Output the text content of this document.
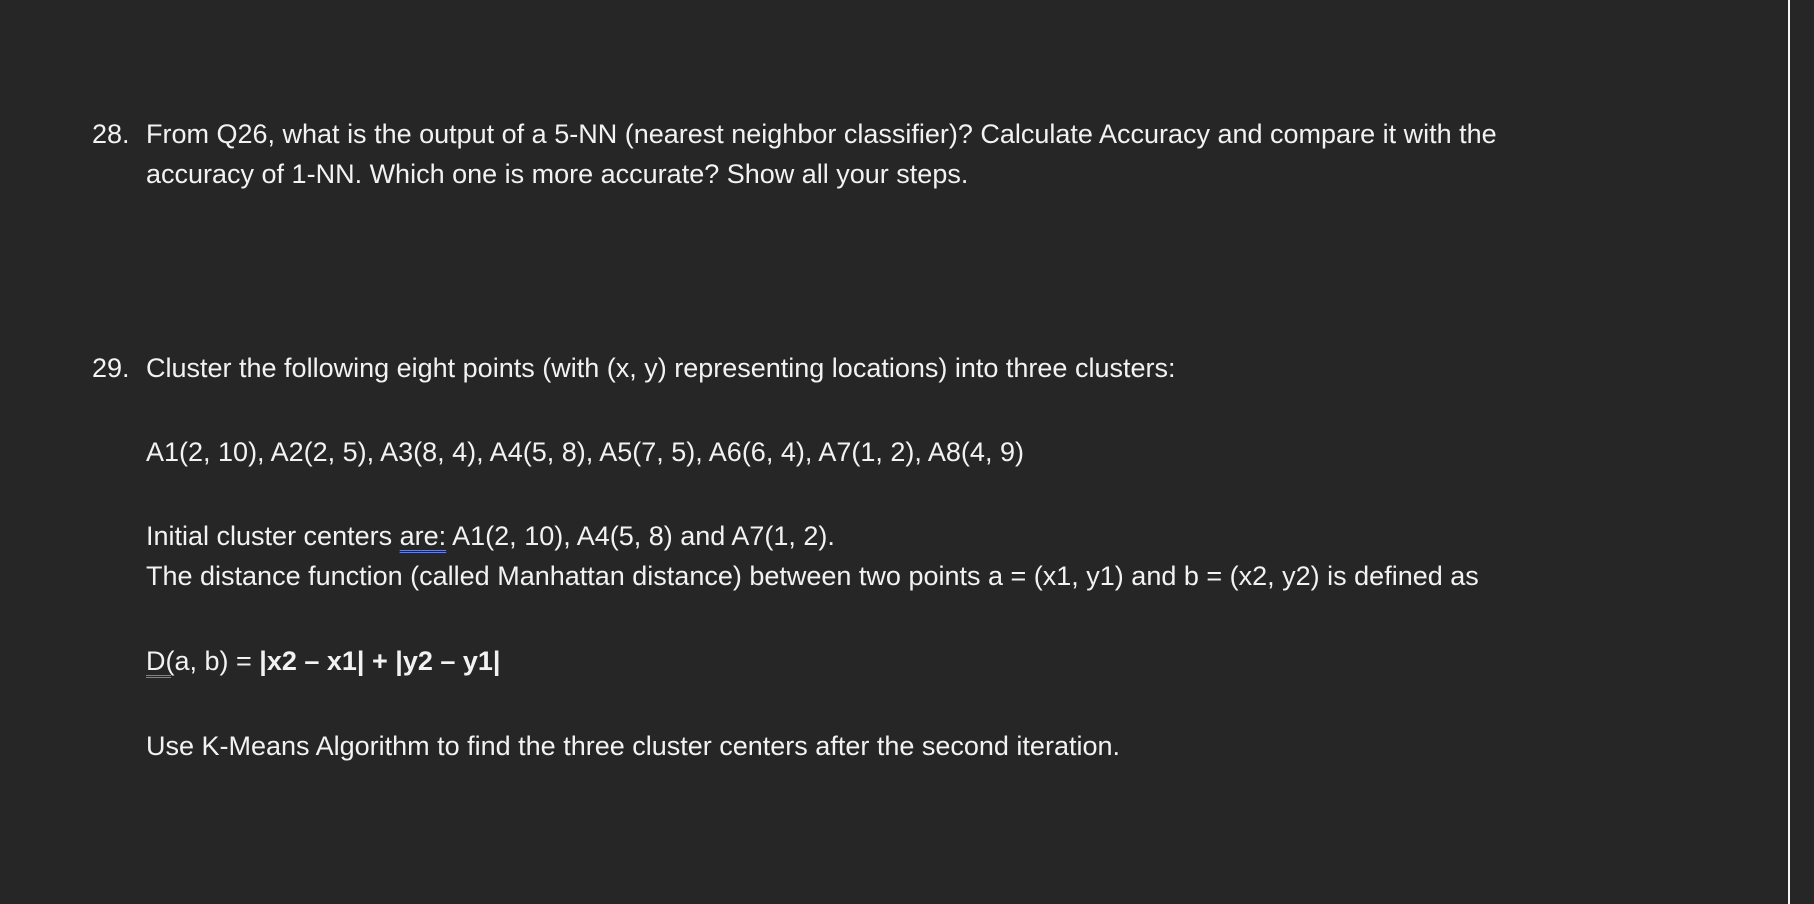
28. From Q26, what is the output of a 5-NN (nearest neighbor classifier)? Calculate Accuracy and compare it with the
accuracy of 1-NN. Which one is more accurate? Show all your steps.
29. Cluster the following eight points (with (x, y) representing locations) into three clusters:
A1(2, 10), A2(2, 5), A3(8, 4), A4(5, 8), A5(7, 5), A6(6, 4), A7(1, 2), A8(4, 9)
Initial cluster centers are: A1(2, 10), A4(5, 8) and A7(1, 2).
The distance function (called Manhattan distance) between two points a = (x1, y1) and b = (x2, y2) is defined as
D(a, b) = |x2 – x1| + |y2 – y1|
Use K-Means Algorithm to find the three cluster centers after the second iteration.
